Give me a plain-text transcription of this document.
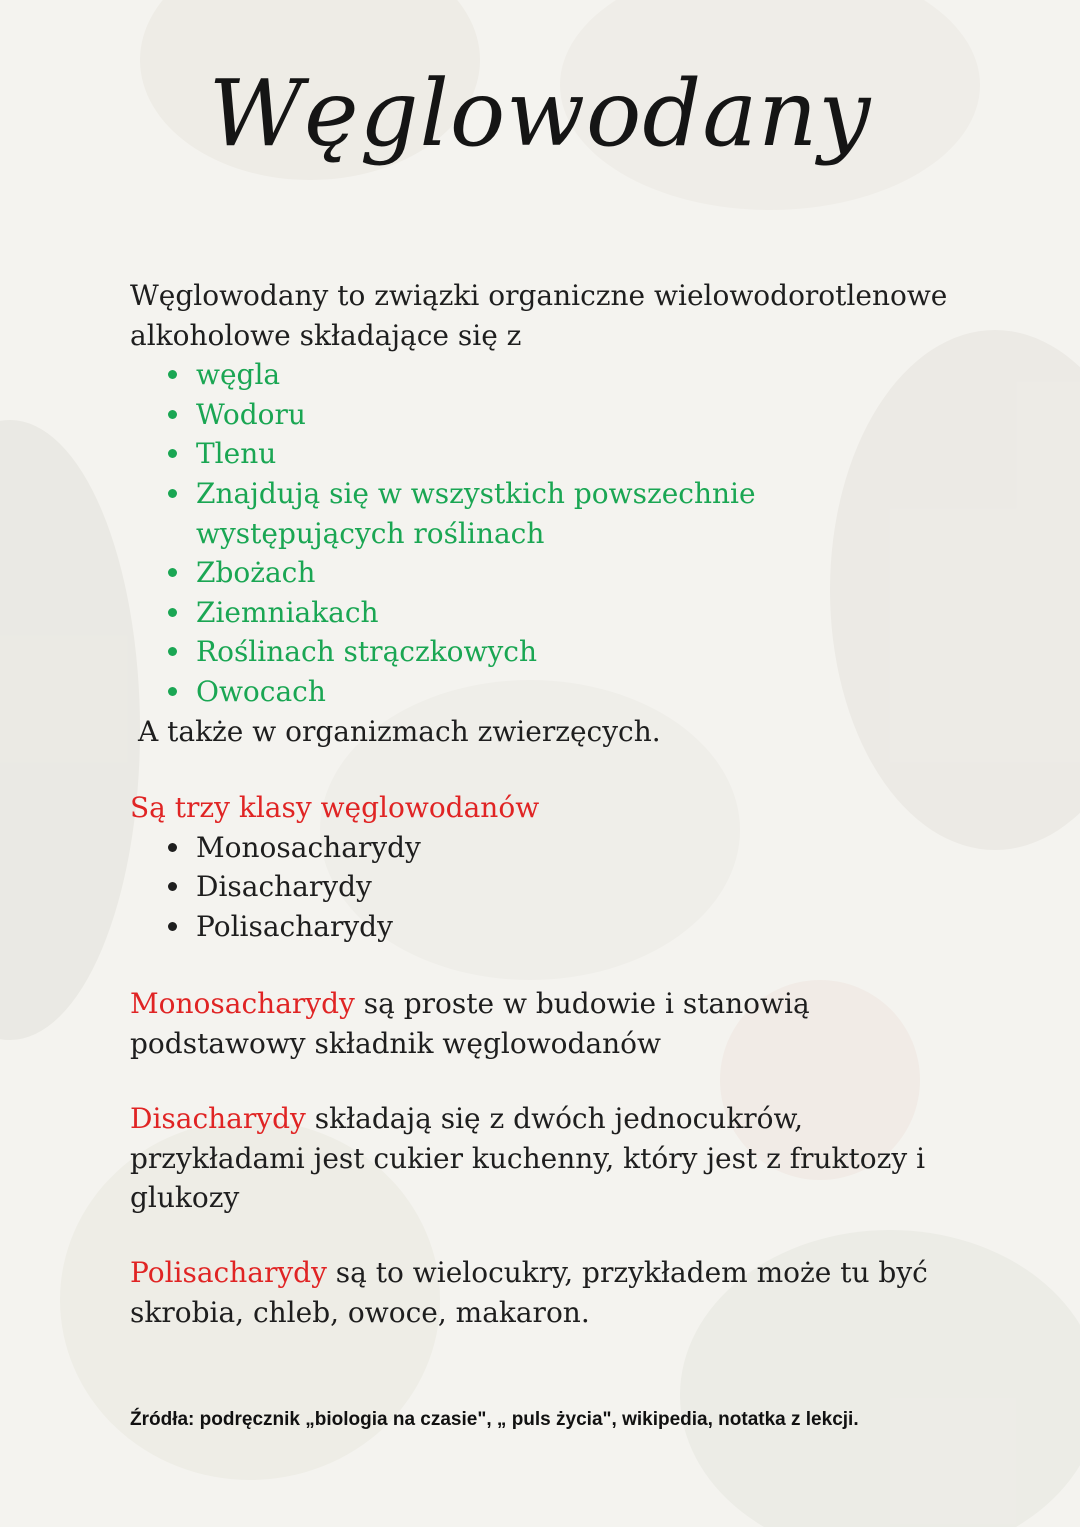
Węglowodany

Węglowodany to związki organiczne wielowodorotlenowe alkoholowe składające się z

węgla
Wodoru
Tlenu
Znajdują się w wszystkich powszechnie występujących roślinach
Zbożach
Ziemniakach
Roślinach strączkowych
Owocach

A także w organizmach zwierzęcych.

Są trzy klasy węglowodanów

Monosacharydy
Disacharydy
Polisacharydy

Monosacharydy są proste w budowie i stanowią podstawowy składnik węglowodanów

Disacharydy składają się z dwóch jednocukrów, przykładami jest cukier kuchenny, który jest z fruktozy i glukozy

Polisacharydy są to wielocukry, przykładem może tu być skrobia, chleb, owoce, makaron.

Źródła: podręcznik „biologia na czasie", „ puls życia", wikipedia, notatka z lekcji.
